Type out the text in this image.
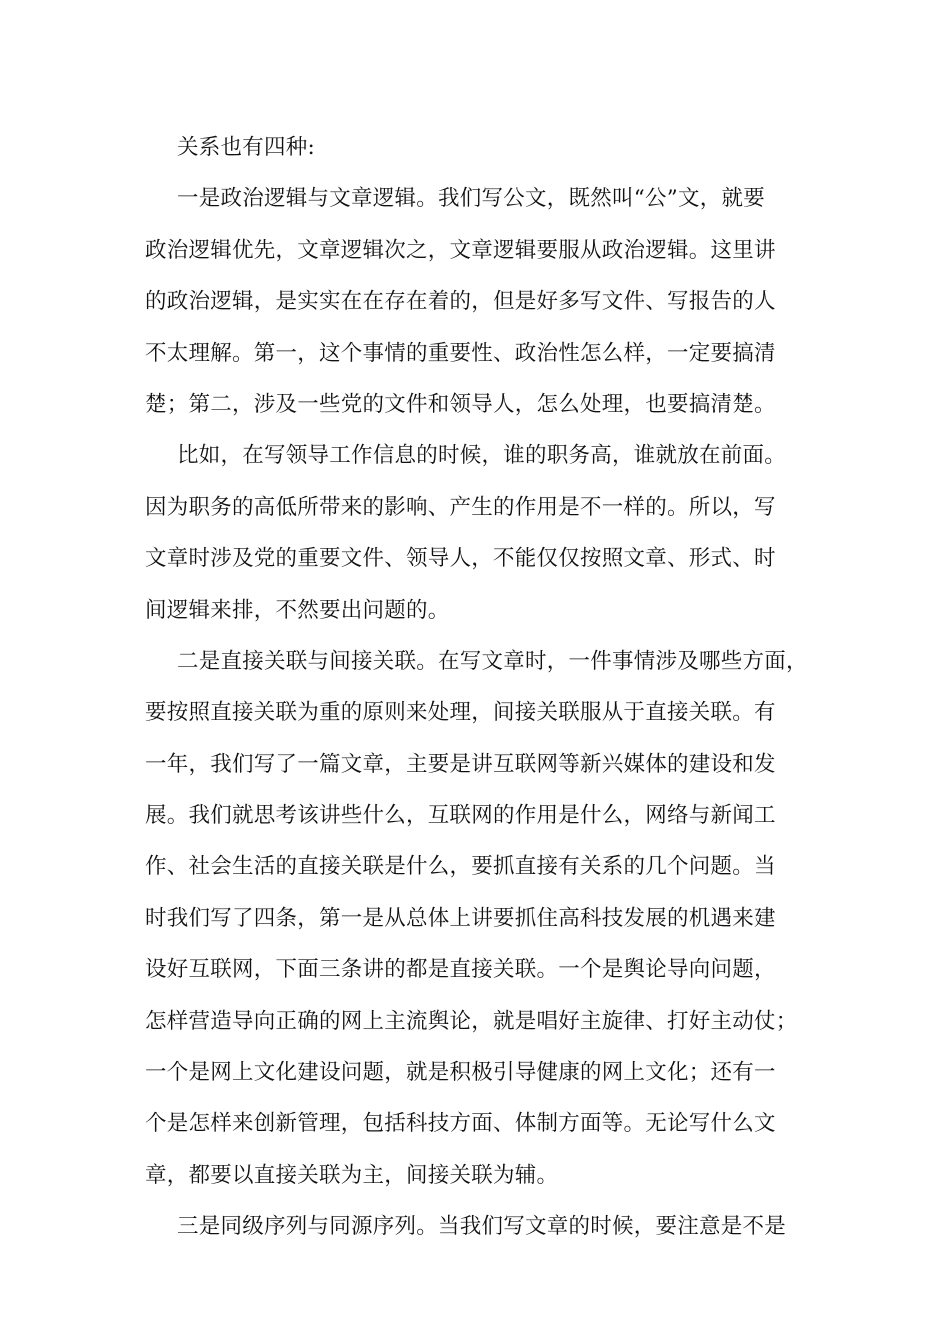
关系也有四种:
一是政治逻辑与文章逻辑。我们写公文，既然叫“公”文，就要
政治逻辑优先，文章逻辑次之，文章逻辑要服从政治逻辑。这里讲
的政治逻辑，是实实在在存在着的，但是好多写文件、写报告的人
不太理解。第一，这个事情的重要性、政治性怎么样，一定要搞清
楚；第二，涉及一些党的文件和领导人，怎么处理，也要搞清楚。
比如，在写领导工作信息的时候，谁的职务高，谁就放在前面。
因为职务的高低所带来的影响、产生的作用是不一样的。所以，写
文章时涉及党的重要文件、领导人，不能仅仅按照文章、形式、时
间逻辑来排，不然要出问题的。
二是直接关联与间接关联。在写文章时，一件事情涉及哪些方面，
要按照直接关联为重的原则来处理，间接关联服从于直接关联。有
一年，我们写了一篇文章，主要是讲互联网等新兴媒体的建设和发
展。我们就思考该讲些什么，互联网的作用是什么，网络与新闻工
作、社会生活的直接关联是什么，要抓直接有关系的几个问题。当
时我们写了四条，第一是从总体上讲要抓住高科技发展的机遇来建
设好互联网，下面三条讲的都是直接关联。一个是舆论导向问题，
怎样营造导向正确的网上主流舆论，就是唱好主旋律、打好主动仗；
一个是网上文化建设问题，就是积极引导健康的网上文化；还有一
个是怎样来创新管理，包括科技方面、体制方面等。无论写什么文
章，都要以直接关联为主，间接关联为辅。
三是同级序列与同源序列。当我们写文章的时候，要注意是不是
